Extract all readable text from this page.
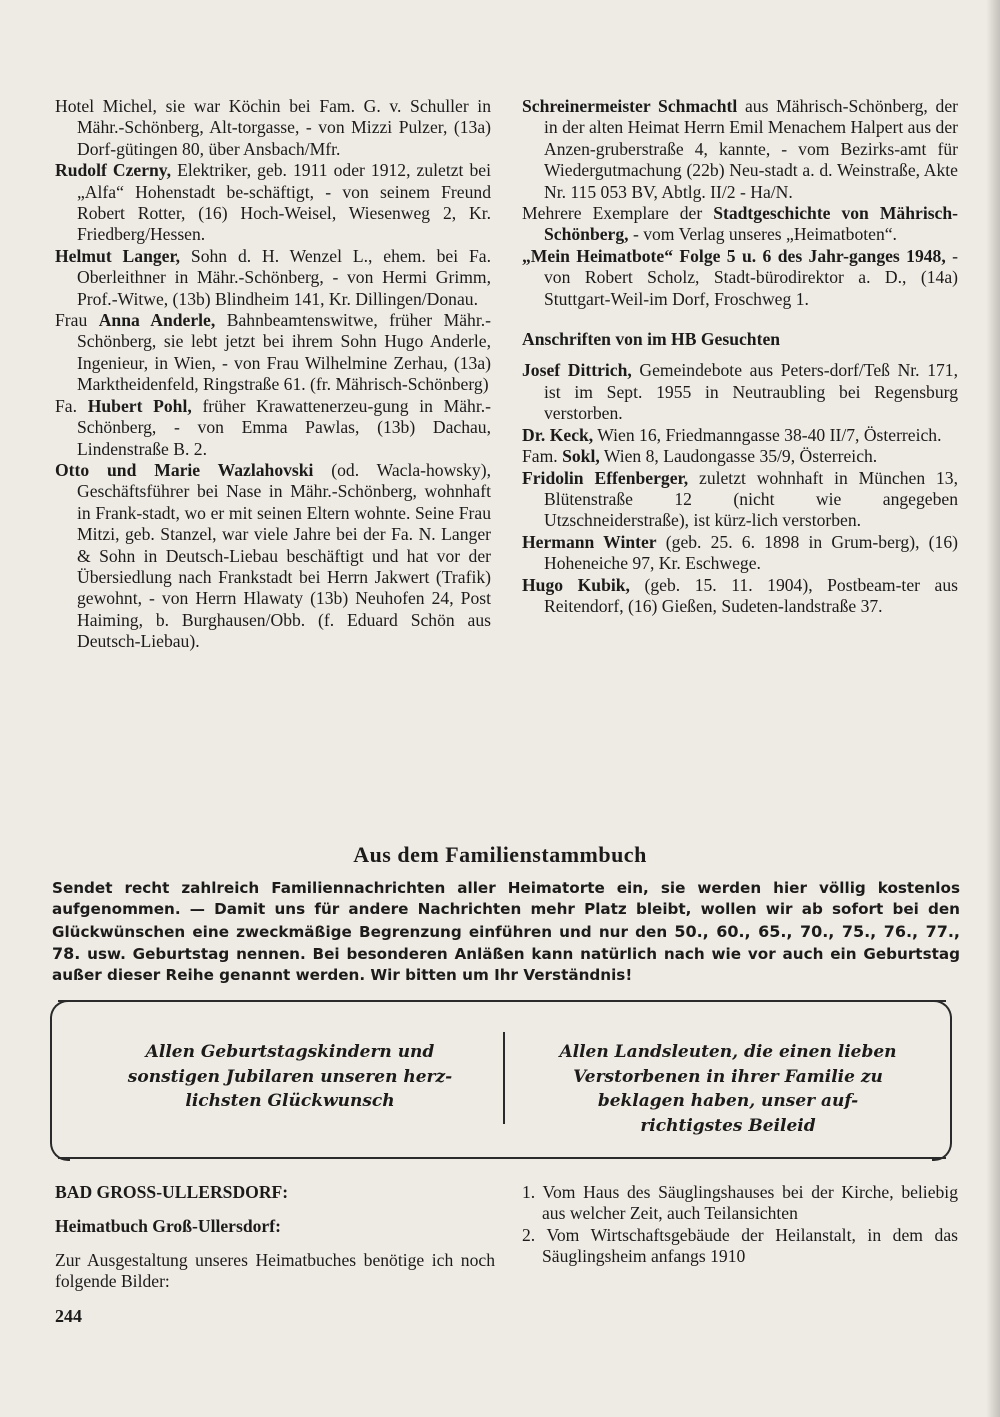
Hotel Michel, sie war Köchin bei Fam. G. v. Schuller in Mähr.-Schönberg, Alt-torgasse, - von Mizzi Pulzer, (13a) Dorf-gütingen 80, über Ansbach/Mfr.

Rudolf Czerny, Elektriker, geb. 1911 oder 1912, zuletzt bei „Alfa“ Hohenstadt be-schäftigt, - von seinem Freund Robert Rotter, (16) Hoch-Weisel, Wiesenweg 2, Kr. Friedberg/Hessen.

Helmut Langer, Sohn d. H. Wenzel L., ehem. bei Fa. Oberleithner in Mähr.-Schönberg, - von Hermi Grimm, Prof.-Witwe, (13b) Blindheim 141, Kr. Dillingen/Donau.

Frau Anna Anderle, Bahnbeamtenswitwe, früher Mähr.-Schönberg, sie lebt jetzt bei ihrem Sohn Hugo Anderle, Ingenieur, in Wien, - von Frau Wilhelmine Zerhau, (13a) Marktheidenfeld, Ringstraße 61. (fr. Mährisch-Schönberg)

Fa. Hubert Pohl, früher Krawattenerzeu-gung in Mähr.-Schönberg, - von Emma Pawlas, (13b) Dachau, Lindenstraße B. 2.

Otto und Marie Wazlahovski (od. Wacla-howsky), Geschäftsführer bei Nase in Mähr.-Schönberg, wohnhaft in Frank-stadt, wo er mit seinen Eltern wohnte. Seine Frau Mitzi, geb. Stanzel, war viele Jahre bei der Fa. N. Langer & Sohn in Deutsch-Liebau beschäftigt und hat vor der Übersiedlung nach Frankstadt bei Herrn Jakwert (Trafik) gewohnt, - von Herrn Hlawaty (13b) Neuhofen 24, Post Haiming, b. Burghausen/Obb. (f. Eduard Schön aus Deutsch-Liebau).

Schreinermeister Schmachtl aus Mährisch-Schönberg, der in der alten Heimat Herrn Emil Menachem Halpert aus der Anzen-gruberstraße 4, kannte, - vom Bezirks-amt für Wiedergutmachung (22b) Neu-stadt a. d. Weinstraße, Akte Nr. 115 053 BV, Abtlg. II/2 - Ha/N.

Mehrere Exemplare der Stadtgeschichte von Mährisch-Schönberg, - vom Verlag unseres „Heimatboten“.

„Mein Heimatbote“ Folge 5 u. 6 des Jahr-ganges 1948, - von Robert Scholz, Stadt-bürodirektor a. D., (14a) Stuttgart-Weil-im Dorf, Froschweg 1.

Anschriften von im HB Gesuchten

Josef Dittrich, Gemeindebote aus Peters-dorf/Teß Nr. 171, ist im Sept. 1955 in Neutraubling bei Regensburg verstorben.

Dr. Keck, Wien 16, Friedmanngasse 38-40 II/7, Österreich.

Fam. Sokl, Wien 8, Laudongasse 35/9, Österreich.

Fridolin Effenberger, zuletzt wohnhaft in München 13, Blütenstraße 12 (nicht wie angegeben Utzschneiderstraße), ist kürz-lich verstorben.

Hermann Winter (geb. 25. 6. 1898 in Grum-berg), (16) Hoheneiche 97, Kr. Eschwege.

Hugo Kubik, (geb. 15. 11. 1904), Postbeam-ter aus Reitendorf, (16) Gießen, Sudeten-landstraße 37.

Aus dem Familienstammbuch
Sendet recht zahlreich Familiennachrichten aller Heimatorte ein, sie werden hier völlig kostenlos aufgenommen. — Damit uns für andere Nachrichten mehr Platz bleibt, wollen wir ab sofort bei den Glückwünschen eine zweckmäßige Begrenzung einführen und nur den 50., 60., 65., 70., 75., 76., 77., 78. usw. Geburtstag nennen. Bei besonderen Anläßen kann natürlich nach wie vor auch ein Geburtstag außer dieser Reihe genannt werden. Wir bitten um Ihr Verständnis!
Allen Geburtstagskindern und sonstigen Jubilaren unseren herz-lichsten Glückwunsch
Allen Landsleuten, die einen lieben Verstorbenen in ihrer Familie zu beklagen haben, unser auf-richtigstes Beileid
BAD GROSS-ULLERSDORF:
Heimatbuch Groß-Ullersdorf:

Zur Ausgestaltung unseres Heimatbuches benötige ich noch folgende Bilder:

1. Vom Haus des Säuglingshauses bei der Kirche, beliebig aus welcher Zeit, auch Teilansichten

2. Vom Wirtschaftsgebäude der Heilanstalt, in dem das Säuglingsheim anfangs 1910

244
